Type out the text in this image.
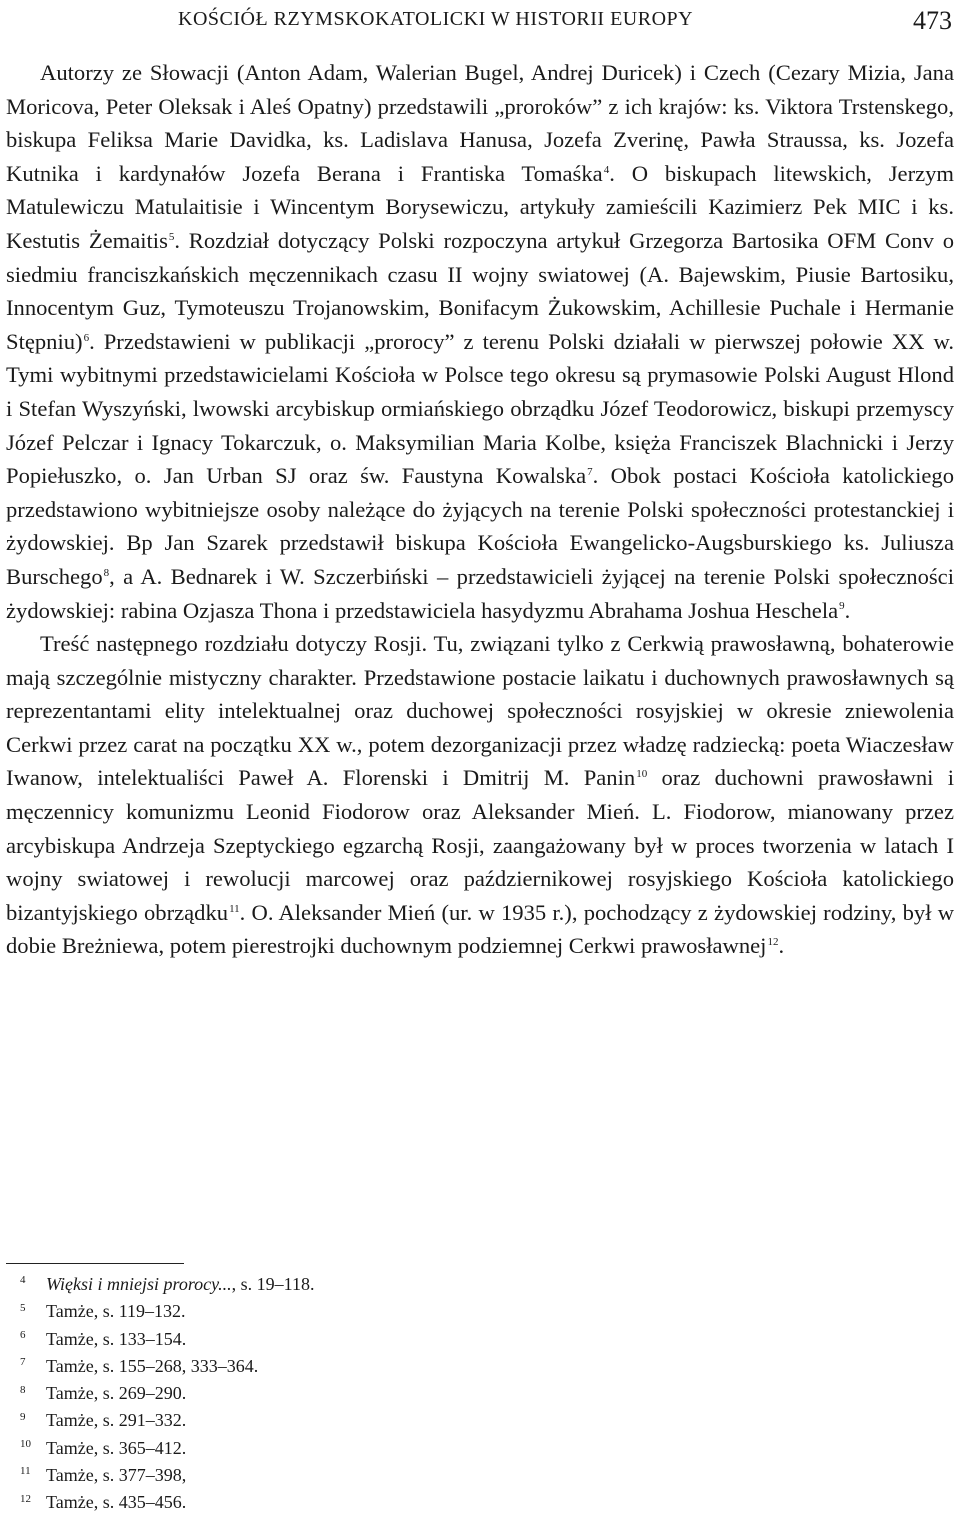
KOŚCIÓŁ RZYMSKOKATOLICKI W HISTORII EUROPY	473

Autorzy ze Słowacji (Anton Adam, Walerian Bugel, Andrej Duricek) i Czech (Cezary Mizia, Jana Moricova, Peter Oleksak i Aleś Opatny) przedstawili „proroków” z ich krajów: ks. Viktora Trstenskego, biskupa Feliksa Marie Davidka, ks. Ladislava Hanusa, Jozefa Zverinę, Pawła Straussa, ks. Jozefa Kutnika i kardynałów Jozefa Berana i Frantiska Tomaśka$^4$. O biskupach litewskich, Jerzym Matulewiczu Matulaitisie i Wincentym Borysewiczu, artykuły zamieścili Kazimierz Pek MIC i ks. Kestutis Żemaitis$^5$. Rozdział dotyczący Polski rozpoczyna artykuł Grzegorza Bartosika OFM Conv o siedmiu franciszkańskich męczennikach czasu II wojny swiatowej (A. Bajewskim, Piusie Bartosiku, Innocentym Guz, Tymoteuszu Trojanowskim, Bonifacym Żukowskim, Achillesie Puchale i Hermanie Stępniu)$^6$. Przedstawieni w publikacji „prorocy” z terenu Polski działali w pierwszej połowie XX w. Tymi wybitnymi przedstawicielami Kościoła w Polsce tego okresu są prymasowie Polski August Hlond i Stefan Wyszyński, lwowski arcybiskup ormiańskiego obrządku Józef Teodorowicz, biskupi przemyscy Józef Pelczar i Ignacy Tokarczuk, o. Maksymilian Maria Kolbe, księża Franciszek Blachnicki i Jerzy Popiełuszko, o. Jan Urban SJ oraz św. Faustyna Kowalska$^7$. Obok postaci Kościoła katolickiego przedstawiono wybitniejsze osoby należące do żyjących na terenie Polski społeczności protestanckiej i żydowskiej. Bp Jan Szarek przedstawił biskupa Kościoła Ewangelicko-Augsburskiego ks. Juliusza Burschego$^8$, a A. Bednarek i W. Szczerbiński – przedstawicieli żyjącej na terenie Polski społeczności żydowskiej: rabina Ozjasza Thona i przedstawiciela hasydyzmu Abrahama Joshua Heschela$^9$.

Treść następnego rozdziału dotyczy Rosji. Tu, związani tylko z Cerkwią prawosławną, bohaterowie mają szczególnie mistyczny charakter. Przedstawione postacie laikatu i duchownych prawosławnych są reprezentantami elity intelektualnej oraz duchowej społeczności rosyjskiej w okresie zniewolenia Cerkwi przez carat na początku XX w., potem dezorganizacji przez władzę radziecką: poeta Wiaczesław Iwanow, intelektualiści Paweł A. Florenski i Dmitrij M. Panin$^{10}$ oraz duchowni prawosławni i męczennicy komunizmu Leonid Fiodorow oraz Aleksander Mień. L. Fiodorow, mianowany przez arcybiskupa Andrzeja Szeptyckiego egzarchą Rosji, zaangażowany był w proces tworzenia w latach I wojny swiatowej i rewolucji marcowej oraz październikowej rosyjskiego Kościoła katolickiego bizantyjskiego obrządku$^{11}$. O. Aleksander Mień (ur. w 1935 r.), pochodzący z żydowskiej rodziny, był w dobie Breżniewa, potem pierestrojki duchownym podziemnej Cerkwi prawosławnej$^{12}$.

4	Więksi i mniejsi prorocy..., s. 19–118.
5	Tamże, s. 119–132.
6	Tamże, s. 133–154.
7	Tamże, s. 155–268, 333–364.
8	Tamże, s. 269–290.
9	Tamże, s. 291–332.
10 Tamże, s. 365–412.
11 Tamże, s. 377–398,
12 Tamże, s. 435–456.
